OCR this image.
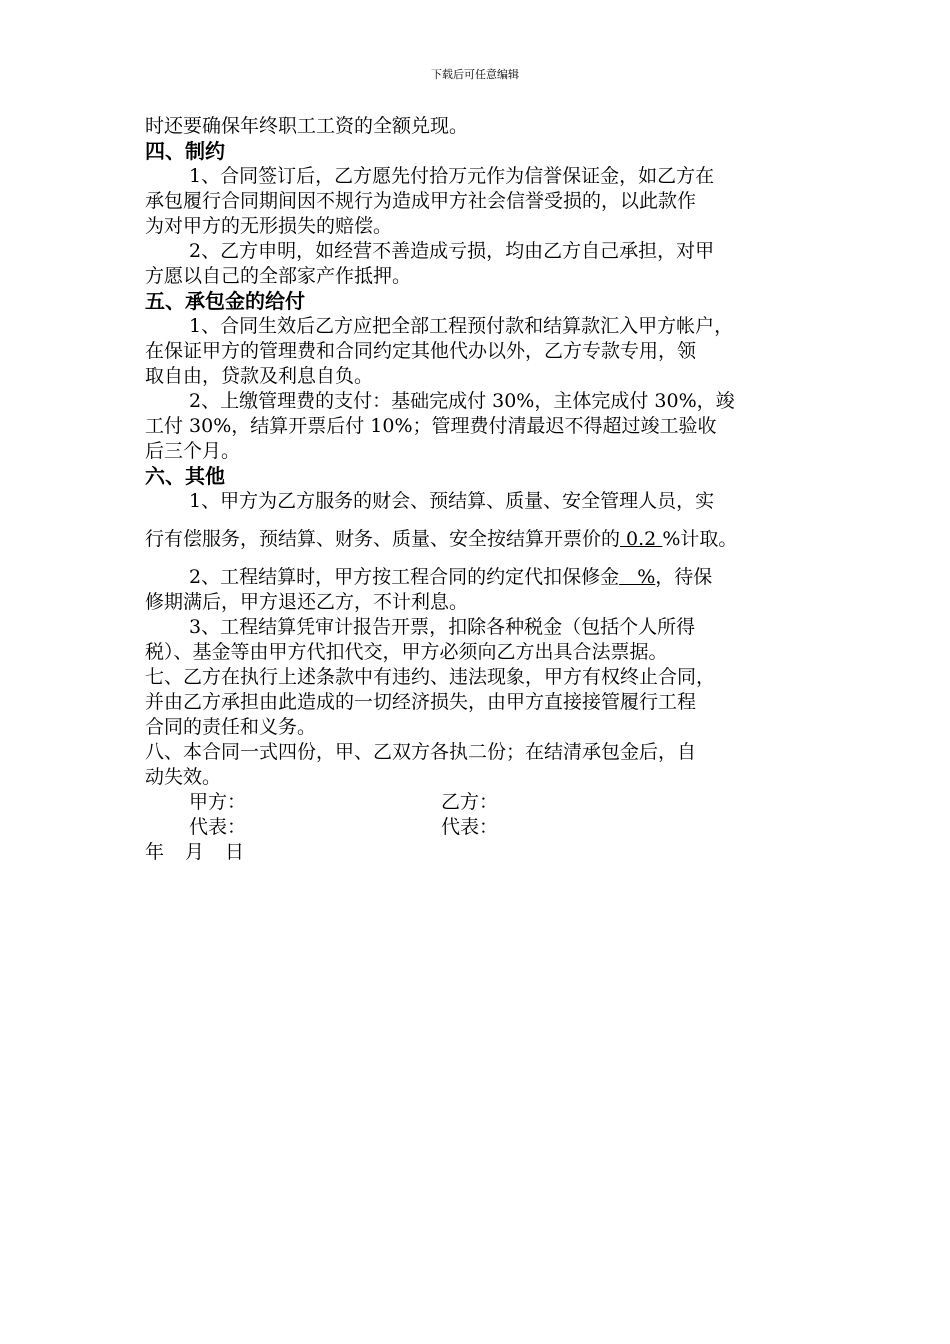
下载后可任意编辑
时还要确保年终职工工资的全额兑现。
四、制约
1、合同签订后，乙方愿先付拾万元作为信誉保证金，如乙方在
承包履行合同期间因不规行为造成甲方社会信誉受损的，以此款作
为对甲方的无形损失的赔偿。
2、乙方申明，如经营不善造成亏损，均由乙方自己承担，对甲
方愿以自己的全部家产作抵押。
五、承包金的给付
1、合同生效后乙方应把全部工程预付款和结算款汇入甲方帐户，
在保证甲方的管理费和合同约定其他代办以外，乙方专款专用，领
取自由，贷款及利息自负。
2、上缴管理费的支付：基础完成付 30%，主体完成付 30%，竣
工付 30%，结算开票后付 10%；管理费付清最迟不得超过竣工验收
后三个月。
六、其他
1、甲方为乙方服务的财会、预结算、质量、安全管理人员，实
行有偿服务，预结算、财务、质量、安全按结算开票价的 0.2 %计取。
2、工程结算时，甲方按工程合同的约定代扣保修金   %，待保
修期满后，甲方退还乙方，不计利息。
3、工程结算凭审计报告开票，扣除各种税金（包括个人所得
税）、基金等由甲方代扣代交，甲方必须向乙方出具合法票据。
七、乙方在执行上述条款中有违约、违法现象，甲方有权终止合同，
并由乙方承担由此造成的一切经济损失，由甲方直接接管履行工程
合同的责任和义务。
八、本合同一式四份，甲、乙双方各执二份；在结清承包金后，自
动失效。
甲方：	乙方：
代表：	代表：
年 月 日
